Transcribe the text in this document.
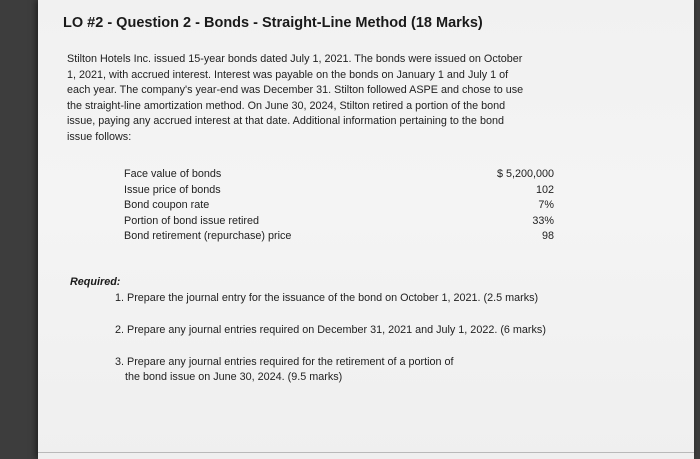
LO #2 - Question 2 - Bonds - Straight-Line Method (18 Marks)
Stilton Hotels Inc. issued 15-year bonds dated July 1, 2021. The bonds were issued on October
1, 2021, with accrued interest. Interest was payable on the bonds on January 1 and July 1 of
each year. The company's year-end was December 31. Stilton followed ASPE and chose to use
the straight-line amortization method. On June 30, 2024, Stilton retired a portion of the bond
issue, paying any accrued interest at that date. Additional information pertaining to the bond
issue follows:
Face value of bonds	$ 5,200,000
Issue price of bonds	102
Bond coupon rate	7%
Portion of bond issue retired	33%
Bond retirement (repurchase) price	98
Required:
1. Prepare the journal entry for the issuance of the bond on October 1, 2021. (2.5 marks)
2. Prepare any journal entries required on December 31, 2021 and July 1, 2022. (6 marks)
3. Prepare any journal entries required for the retirement of a portion of
the bond issue on June 30, 2024. (9.5 marks)
